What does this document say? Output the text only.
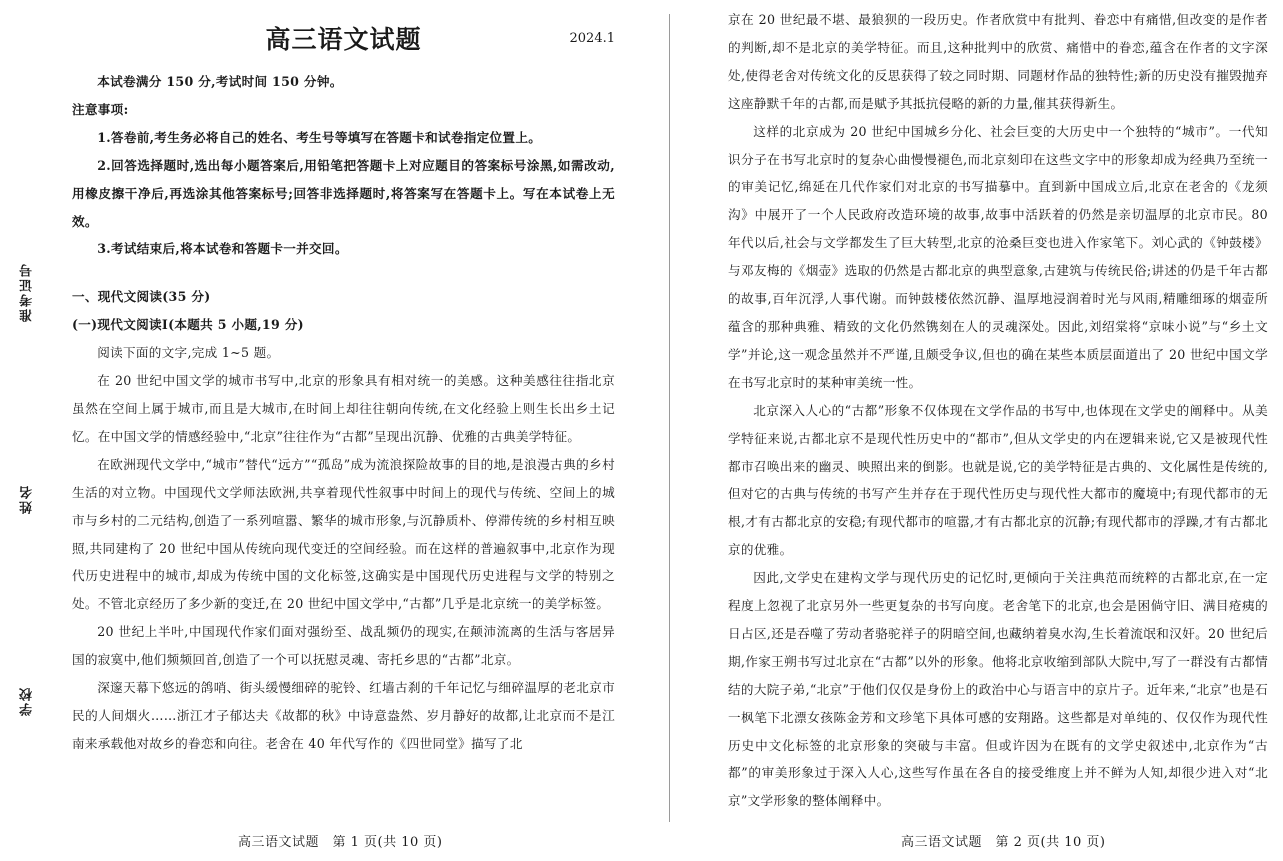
准考证号
姓名
学校
高三语文试题	2024.1

本试卷满分 150 分,考试时间 150 分钟。

注意事项:

1.答卷前,考生务必将自己的姓名、考生号等填写在答题卡和试卷指定位置上。

2.回答选择题时,选出每小题答案后,用铅笔把答题卡上对应题目的答案标号涂黑,如需改动,用橡皮擦干净后,再选涂其他答案标号;回答非选择题时,将答案写在答题卡上。写在本试卷上无效。

3.考试结束后,将本试卷和答题卡一并交回。

一、现代文阅读(35 分)

(一)现代文阅读Ⅰ(本题共 5 小题,19 分)

阅读下面的文字,完成 1~5 题。

在 20 世纪中国文学的城市书写中,北京的形象具有相对统一的美感。这种美感往往指北京虽然在空间上属于城市,而且是大城市,在时间上却往往朝向传统,在文化经验上则生长出乡土记忆。在中国文学的情感经验中,“北京”往往作为“古都”呈现出沉静、优雅的古典美学特征。

在欧洲现代文学中,“城市”替代“远方”“孤岛”成为流浪探险故事的目的地,是浪漫古典的乡村生活的对立物。中国现代文学师法欧洲,共享着现代性叙事中时间上的现代与传统、空间上的城市与乡村的二元结构,创造了一系列喧嚣、繁华的城市形象,与沉静质朴、停滞传统的乡村相互映照,共同建构了 20 世纪中国从传统向现代变迁的空间经验。而在这样的普遍叙事中,北京作为现代历史进程中的城市,却成为传统中国的文化标签,这确实是中国现代历史进程与文学的特别之处。不管北京经历了多少新的变迁,在 20 世纪中国文学中,“古都”几乎是北京统一的美学标签。

20 世纪上半叶,中国现代作家们面对强纷至、战乱频仍的现实,在颠沛流离的生活与客居异国的寂寞中,他们频频回首,创造了一个可以抚慰灵魂、寄托乡思的“古都”北京。

深邃天幕下悠远的鸽哨、街头缓慢细碎的驼铃、红墙古刹的千年记忆与细碎温厚的老北京市民的人间烟火……浙江才子郁达夫《故都的秋》中诗意盎然、岁月静好的故都,让北京而不是江南来承载他对故乡的眷恋和向往。老舍在 40 年代写作的《四世同堂》描写了北

京在 20 世纪最不堪、最狼狈的一段历史。作者欣赏中有批判、眷恋中有痛惜,但改变的是作者的判断,却不是北京的美学特征。而且,这种批判中的欣赏、痛惜中的眷恋,蕴含在作者的文字深处,使得老舍对传统文化的反思获得了较之同时期、同题材作品的独特性;新的历史没有摧毁抛弃这座静默千年的古都,而是赋予其抵抗侵略的新的力量,催其获得新生。

这样的北京成为 20 世纪中国城乡分化、社会巨变的大历史中一个独特的“城市”。一代知识分子在书写北京时的复杂心曲慢慢褪色,而北京刻印在这些文字中的形象却成为经典乃至统一的审美记忆,绵延在几代作家们对北京的书写描摹中。直到新中国成立后,北京在老舍的《龙须沟》中展开了一个人民政府改造环境的故事,故事中活跃着的仍然是亲切温厚的北京市民。80 年代以后,社会与文学都发生了巨大转型,北京的沧桑巨变也进入作家笔下。刘心武的《钟鼓楼》与邓友梅的《烟壶》选取的仍然是古都北京的典型意象,古建筑与传统民俗;讲述的仍是千年古都的故事,百年沉浮,人事代谢。而钟鼓楼依然沉静、温厚地浸润着时光与风雨,精雕细琢的烟壶所蕴含的那种典雅、精致的文化仍然镌刻在人的灵魂深处。因此,刘绍棠将“京味小说”与“乡土文学”并论,这一观念虽然并不严谨,且颇受争议,但也的确在某些本质层面道出了 20 世纪中国文学在书写北京时的某种审美统一性。

北京深入人心的“古都”形象不仅体现在文学作品的书写中,也体现在文学史的阐释中。从美学特征来说,古都北京不是现代性历史中的“都市”,但从文学史的内在逻辑来说,它又是被现代性都市召唤出来的幽灵、映照出来的倒影。也就是说,它的美学特征是古典的、文化属性是传统的,但对它的古典与传统的书写产生并存在于现代性历史与现代性大都市的魔境中;有现代都市的无根,才有古都北京的安稳;有现代都市的喧嚣,才有古都北京的沉静;有现代都市的浮躁,才有古都北京的优雅。

因此,文学史在建构文学与现代历史的记忆时,更倾向于关注典范而统粹的古都北京,在一定程度上忽视了北京另外一些更复杂的书写向度。老舍笔下的北京,也会是困倘守旧、满目疮痍的日占区,还是吞噬了劳动者骆驼祥子的阴暗空间,也藏纳着臭水沟,生长着流氓和汉奸。20 世纪后期,作家王朔书写过北京在“古都”以外的形象。他将北京收缩到部队大院中,写了一群没有古都情结的大院子弟,“北京”于他们仅仅是身份上的政治中心与语言中的京片子。近年来,“北京”也是石一枫笔下北漂女孩陈金芳和文珍笔下具体可感的安翔路。这些都是对单纯的、仅仅作为现代性历史中文化标签的北京形象的突破与丰富。但或许因为在既有的文学史叙述中,北京作为“古都”的审美形象过于深入人心,这些写作虽在各自的接受维度上并不鲜为人知,却很少进入对“北京”文学形象的整体阐释中。

高三语文试题　第 1 页(共 10 页)	高三语文试题　第 2 页(共 10 页)
